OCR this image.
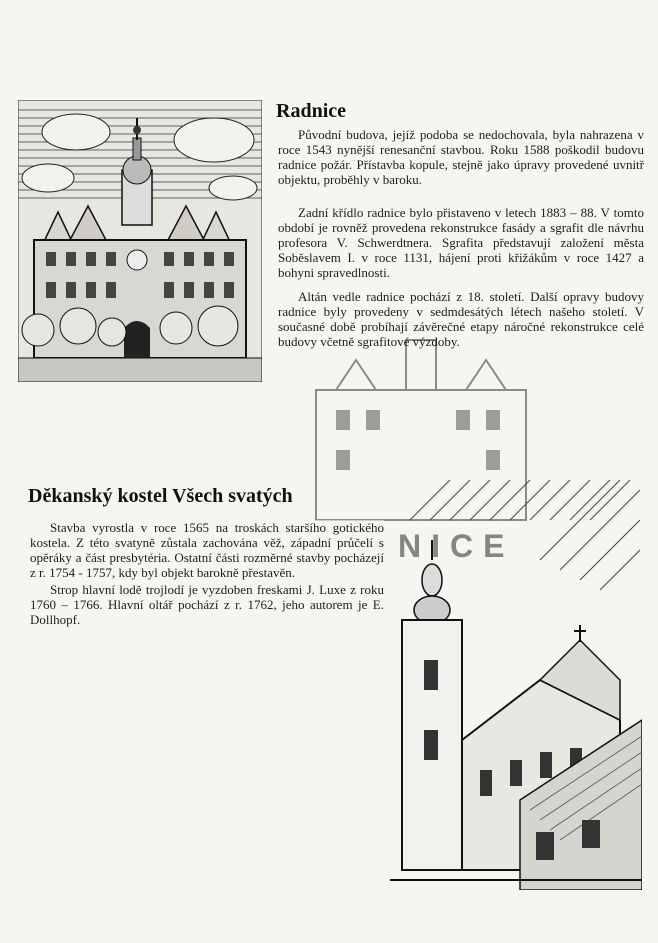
NICE
Radnice

Původní budova, jejíž podoba se nedochovala, byla nahrazena v roce 1543 nynější renesanční stavbou. Roku 1588 poškodil budovu radnice požár. Přístavba kopule, stejně jako úpravy provedené uvnitř objektu, proběhly v baroku.

Zadní křídlo radnice bylo přistaveno v letech 1883 – 88. V tomto období je rovněž provedena rekonstrukce fasády a sgrafit dle návrhu profesora V. Schwerdtnera. Sgrafita představují založení města Soběslavem I. v roce 1131, hájení proti křižákům v roce 1427 a bohyni spravedlnosti.

Altán vedle radnice pochází z 18. století. Další opravy budovy radnice byly provedeny v sedmdesátých létech našeho století. V současné době probíhají závěrečné etapy náročné rekonstrukce celé budovy včetně sgrafitové výzdoby.

Děkanský kostel Všech svatých

Stavba vyrostla v roce 1565 na troskách staršího gotického kostela. Z této svatyně zůstala zachována věž, západní průčelí s opěráky a část presbytéria. Ostatní části rozměrné stavby pocházejí z r. 1754 - 1757, kdy byl objekt barokně přestavěn.

Strop hlavní lodě trojlodí je vyzdoben freskami J. Luxe z roku 1760 – 1766. Hlavní oltář pochází z r. 1762, jeho autorem je E. Dollhopf.
